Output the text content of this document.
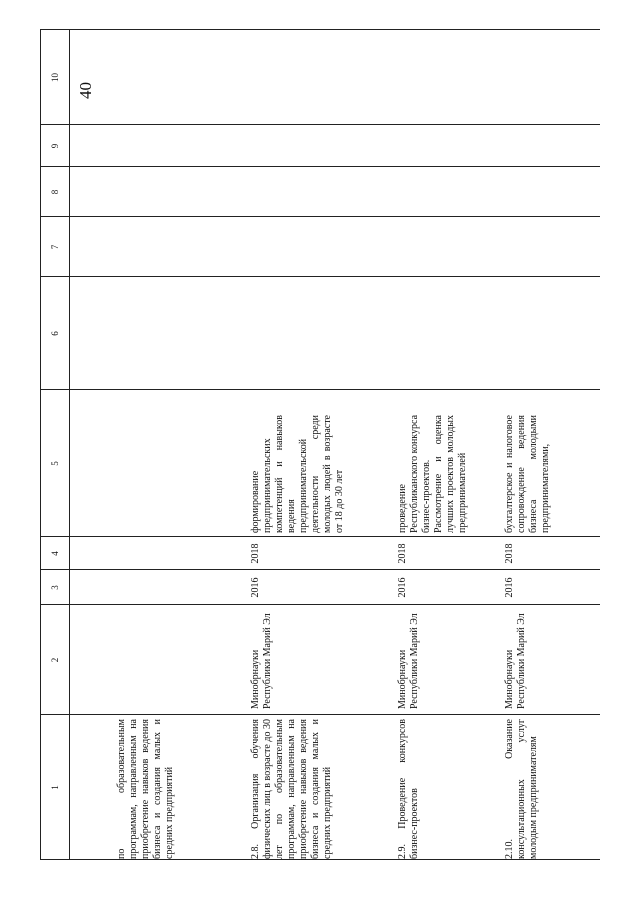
40
1
2
3
4
5
6
7
8
9
10
по образовательным программам, направленным на приобретение навыков ведения бизнеса и создания малых и средних предприятий	2.8. Организация обучения физических лиц в возрасте до 30 лет по образовательным программам, направленным на приобретение навыков ведения бизнеса и создания малых и средних предприятий
Минобрнауки Республики Марий Эл
2016
2018
формирование предпринимательских компетенций и навыков ведения предпринимательской деятельности среди молодых людей в возрасте от 18 до 30 лет
2.9. Проведение конкурсов бизнес-проектов
Минобрнауки Республики Марий Эл
2016
2018
проведение Республиканского конкурса бизнес-проектов. Рассмотрение и оценка лучших проектов молодых предпринимателей
2.10. Оказание консультационных услуг молодым предпринимателям
Минобрнауки Республики Марий Эл
2016
2018
бухгалтерское и налоговое сопровождение ведения бизнеса молодыми предпринимателями,
